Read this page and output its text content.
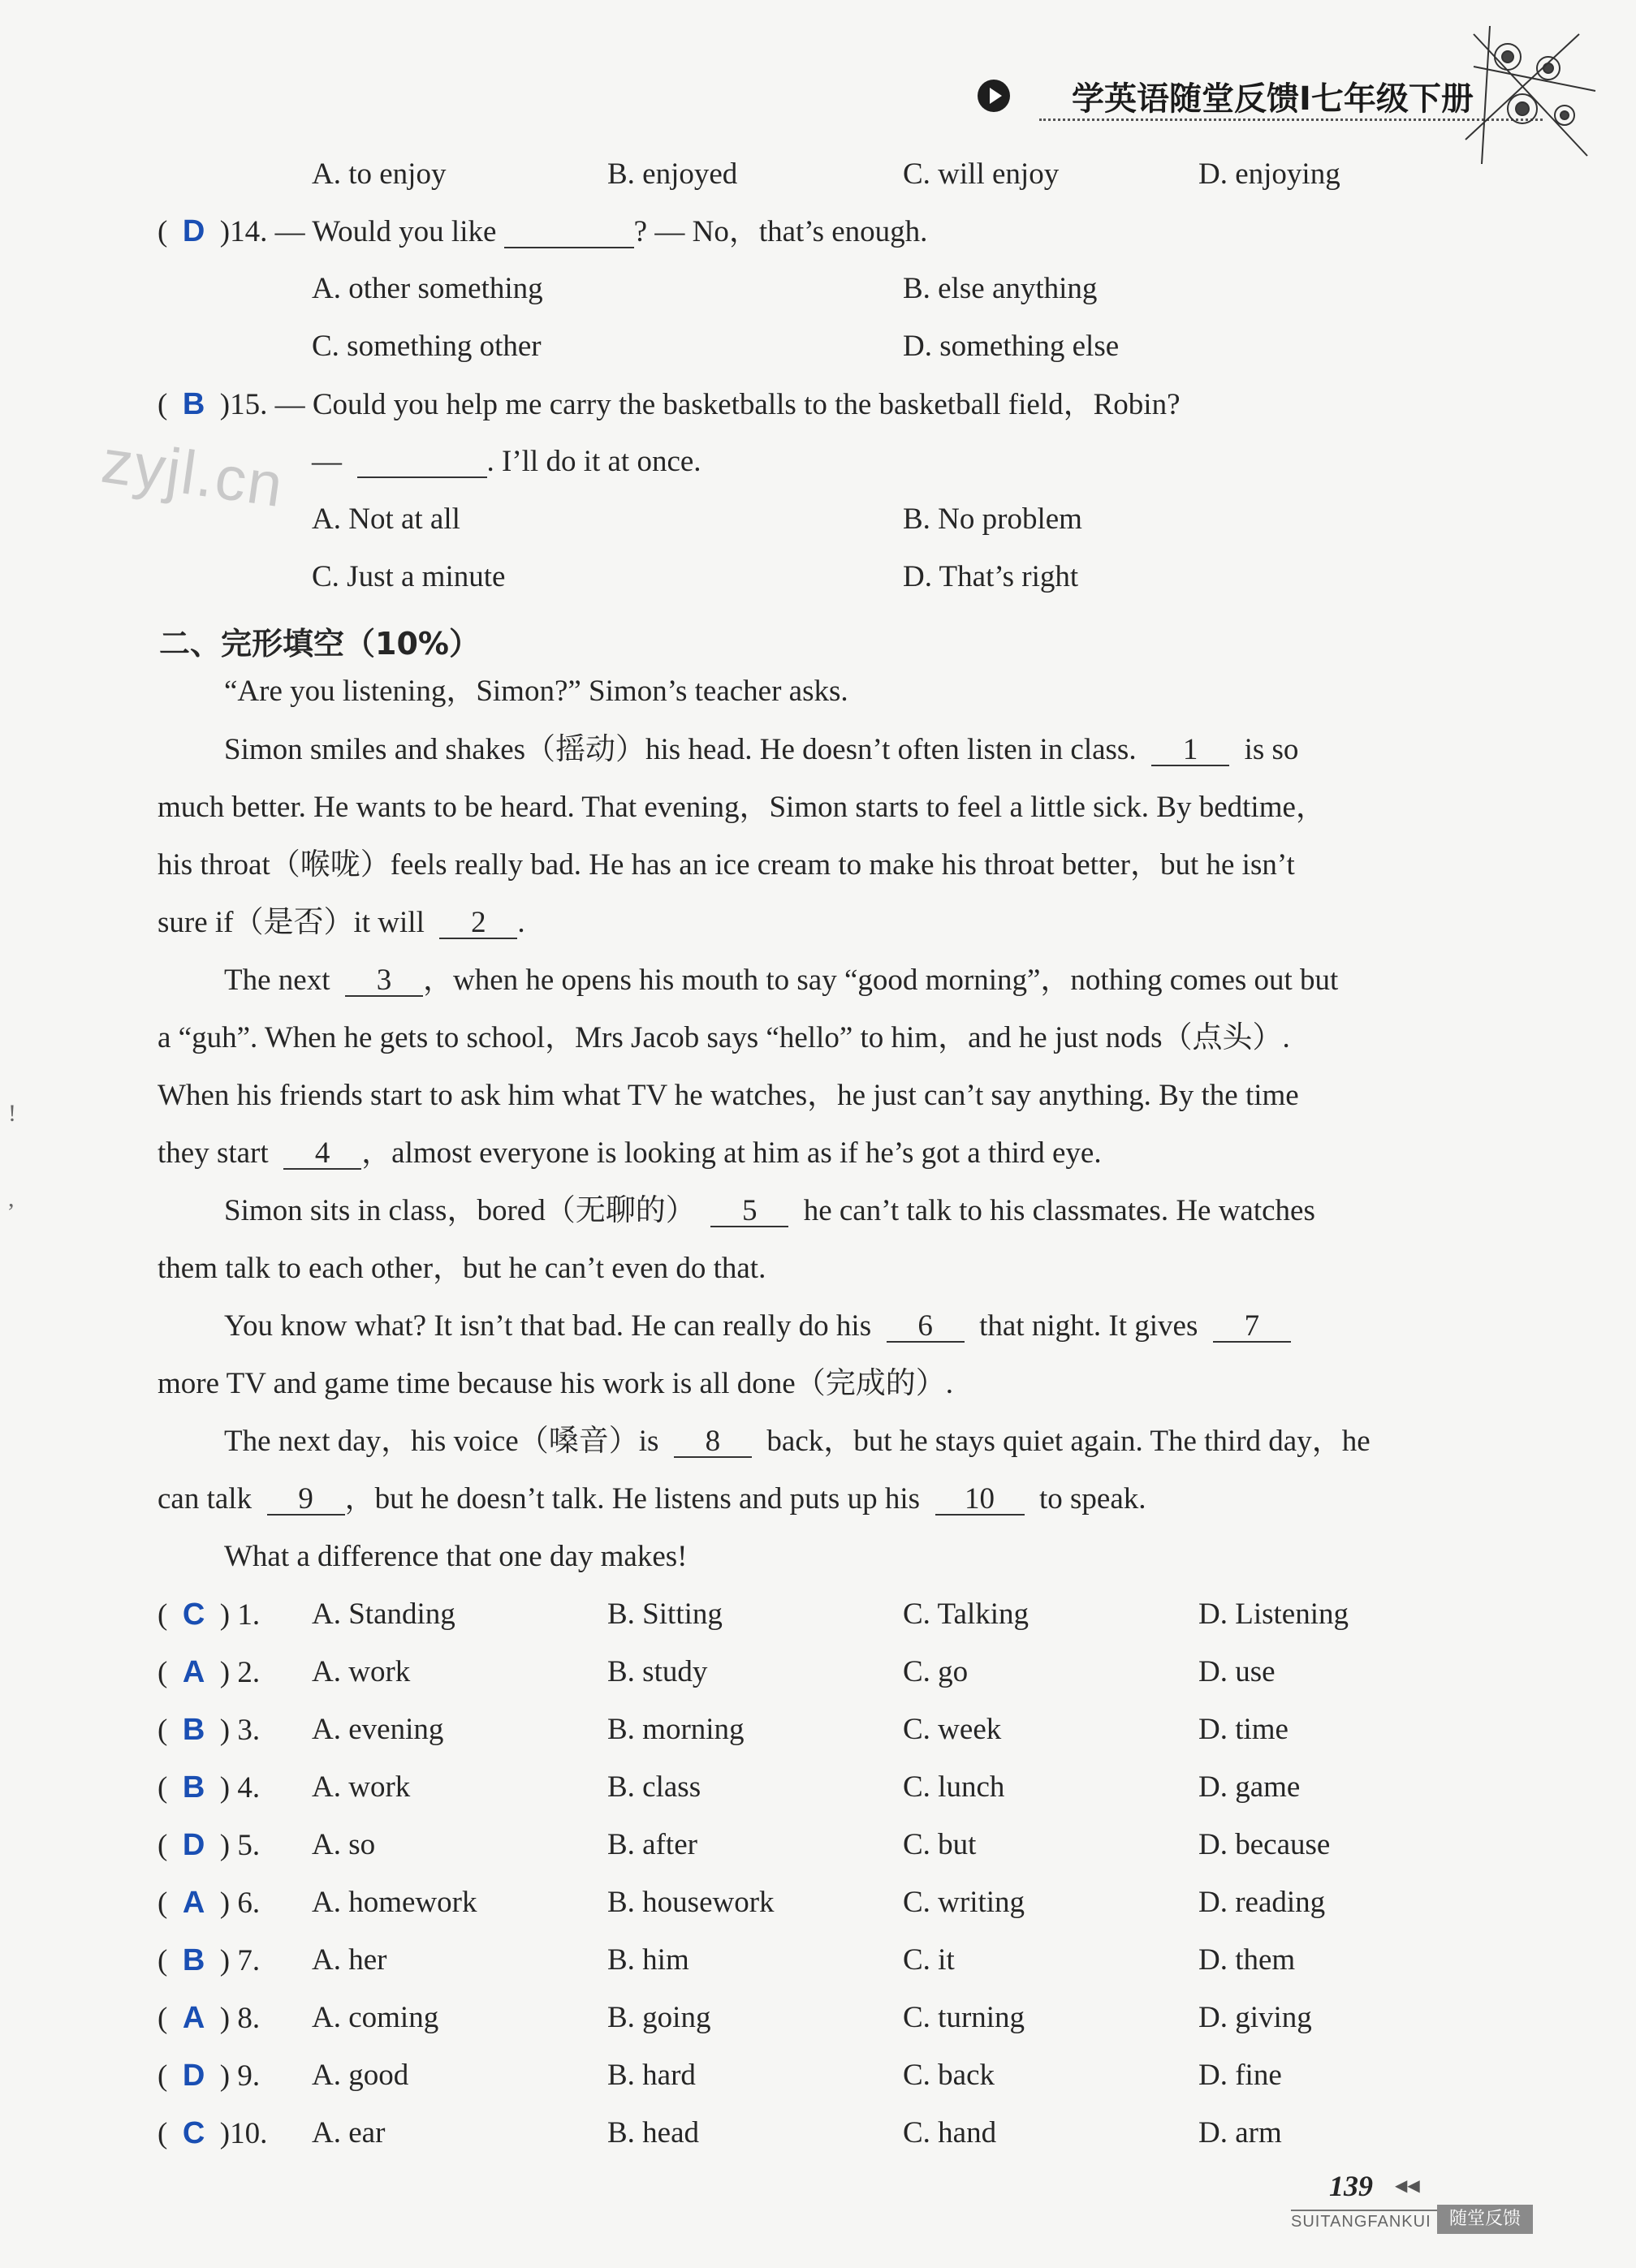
学英语随堂反馈Ⅰ七年级下册
zyjl.cn
A. to enjoy	B. enjoyed	C. will enjoy	D. enjoying
(  D )14. — Would you like	? — No，that’s enough.
A. other something	B. else anything
C. something other	D. something else
(  B )15. — Could you help me carry the basketballs to the basketball field，Robin?
—	. I’ll do it at once.
A. Not at all	B. No problem
C. Just a minute	D. That’s right
二、完形填空（10%）
“Are you listening，Simon?” Simon’s teacher asks.
Simon smiles and shakes（摇动）his head. He doesn’t often listen in class. 1 is so
much better. He wants to be heard. That evening，Simon starts to feel a little sick. By bedtime，
his throat（喉咙）feels really bad. He has an ice cream to make his throat better，but he isn’t
sure if（是否）it will 2 .
The next 3 ，when he opens his mouth to say “good morning”，nothing comes out but
a “guh”. When he gets to school，Mrs Jacob says “hello” to him，and he just nods（点头）.
When his friends start to ask him what TV he watches，he just can’t say anything. By the time
they start 4 ，almost everyone is looking at him as if he’s got a third eye.
Simon sits in class，bored（无聊的） 5 he can’t talk to his classmates. He watches
them talk to each other，but he can’t even do that.
You know what? It isn’t that bad. He can really do his 6 that night. It gives 7
more TV and game time because his work is all done（完成的）.
The next day，his voice（嗓音）is 8 back，but he stays quiet again. The third day，he
can talk 9 ，but he doesn’t talk. He listens and puts up his 10 to speak.
What a difference that one day makes!
(  C ) 1. A. Standing	B. Sitting	C. Talking	D. Listening
(  A ) 2. A. work	B. study	C. go	D. use
(  B ) 3. A. evening	B. morning	C. week	D. time
(  B ) 4. A. work	B. class	C. lunch	D. game
(  D ) 5. A. so	B. after	C. but	D. because
(  A ) 6. A. homework	B. housework	C. writing	D. reading
(  B ) 7. A. her	B. him	C. it	D. them
(  A ) 8. A. coming	B. going	C. turning	D. giving
(  D ) 9. A. good	B. hard	C. back	D. fine
(  C )10. A. ear	B. head	C. hand	D. arm
!
,
139 ◀◀
SUITANGFANKUI	随堂反馈
